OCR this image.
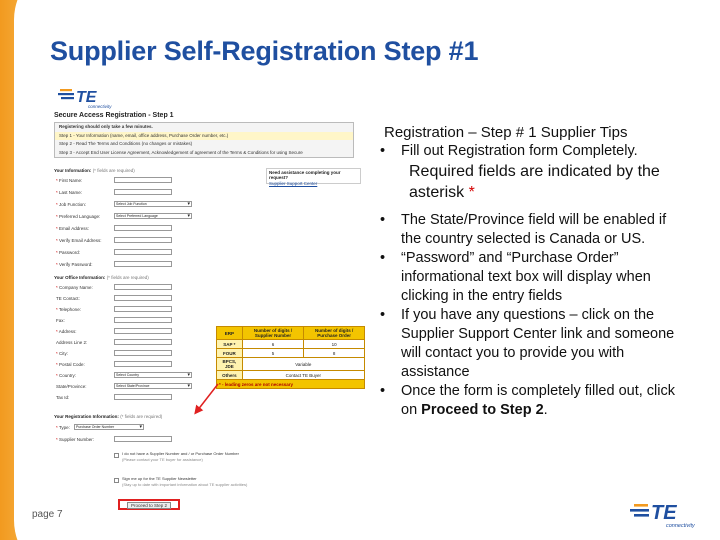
Supplier Self-Registration Step #1
TE
connectivity
Secure Access Registration - Step 1
Registering should only take a few minutes.
Step 1 - Your Information (name, email, office address, Purchase Order number, etc.)
Step 2 - Read The Terms and Conditions (no changes or mistakes)
Step 3 - Accept End User License Agreement, Acknowledgement of agreement of the Terms & Conditions for using Secure
Your Information: (* fields are required)
* First Name:
* Last Name:
* Job Function:	Select Job Function ▾
* Preferred Language:	Select Preferred Language ▾
* Email Address:
* Verify Email Address:
* Password:
* Verify Password:
Need assistance completing your request?
Supplier Support Center
Your Office Information: (* fields are required)
* Company Name:
TE Contact:
* Telephone:
Fax:
* Address:
Address Line 2:
* City:
* Postal Code:
* Country:	Select Country ▾
State/Province:	Select State/Province ▾
Tax Id:
ERP	Number of digits / Supplier Number	Number of digits / Purchase Order
SAP *	6	10
FOUR	5	8
BPCS, JDE	Variable	
Others	Contact TE Buyer	
* - leading zeros are not necessary		
Your Registration Information: (* fields are required)
* Type:	Purchase Order Number ▾
* Supplier Number:
I do not have a Supplier Number and / or Purchase Order Number
(Please contact your TE buyer for assistance)
Sign me up for the TE Supplier Newsletter
(Stay up to date with important information about TE supplier activities)
Proceed to Step 2
Registration – Step # 1 Supplier Tips
• Fill out Registration form Completely.
Required fields are indicated by the asterisk *
• The State/Province field will be enabled if the country selected is Canada or US.
• “Password” and “Purchase Order” informational text box will display when clicking in the entry fields
• If you have any questions – click on the Supplier Support Center link and someone will contact you to provide you with assistance
• Once the form is completely filled out, click on Proceed to Step 2.
page 7	TE
connectivity
